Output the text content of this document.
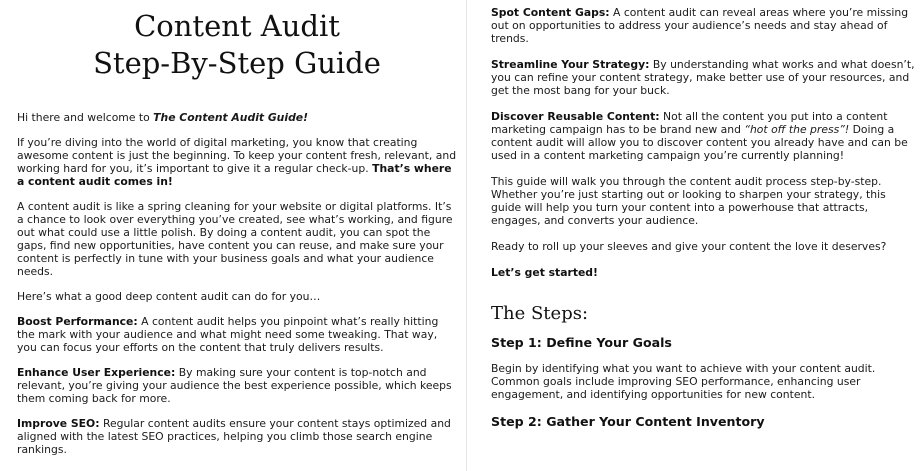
Content Audit
Step-By-Step Guide

Hi there and welcome to The Content Audit Guide!

If you’re diving into the world of digital marketing, you know that creating awesome content is just the beginning. To keep your content fresh, relevant, and working hard for you, it’s important to give it a regular check-up. That’s where a content audit comes in!

A content audit is like a spring cleaning for your website or digital platforms. It’s a chance to look over everything you’ve created, see what’s working, and figure out what could use a little polish. By doing a content audit, you can spot the gaps, find new opportunities, have content you can reuse, and make sure your content is perfectly in tune with your business goals and what your audience needs.

Here’s what a good deep content audit can do for you…

Boost Performance: A content audit helps you pinpoint what’s really hitting the mark with your audience and what might need some tweaking. That way, you can focus your efforts on the content that truly delivers results.

Enhance User Experience: By making sure your content is top-notch and relevant, you’re giving your audience the best experience possible, which keeps them coming back for more.

Improve SEO: Regular content audits ensure your content stays optimized and aligned with the latest SEO practices, helping you climb those search engine rankings.

Spot Content Gaps: A content audit can reveal areas where you’re missing out on opportunities to address your audience’s needs and stay ahead of trends.

Streamline Your Strategy: By understanding what works and what doesn’t, you can refine your content strategy, make better use of your resources, and get the most bang for your buck.

Discover Reusable Content: Not all the content you put into a content marketing campaign has to be brand new and “hot off the press”! Doing a content audit will allow you to discover content you already have and can be used in a content marketing campaign you’re currently planning!

This guide will walk you through the content audit process step-by-step. Whether you’re just starting out or looking to sharpen your strategy, this guide will help you turn your content into a powerhouse that attracts, engages, and converts your audience.

Ready to roll up your sleeves and give your content the love it deserves?

Let’s get started!

The Steps:
Step 1: Define Your Goals

Begin by identifying what you want to achieve with your content audit. Common goals include improving SEO performance, enhancing user engagement, and identifying opportunities for new content.

Step 2: Gather Your Content Inventory
